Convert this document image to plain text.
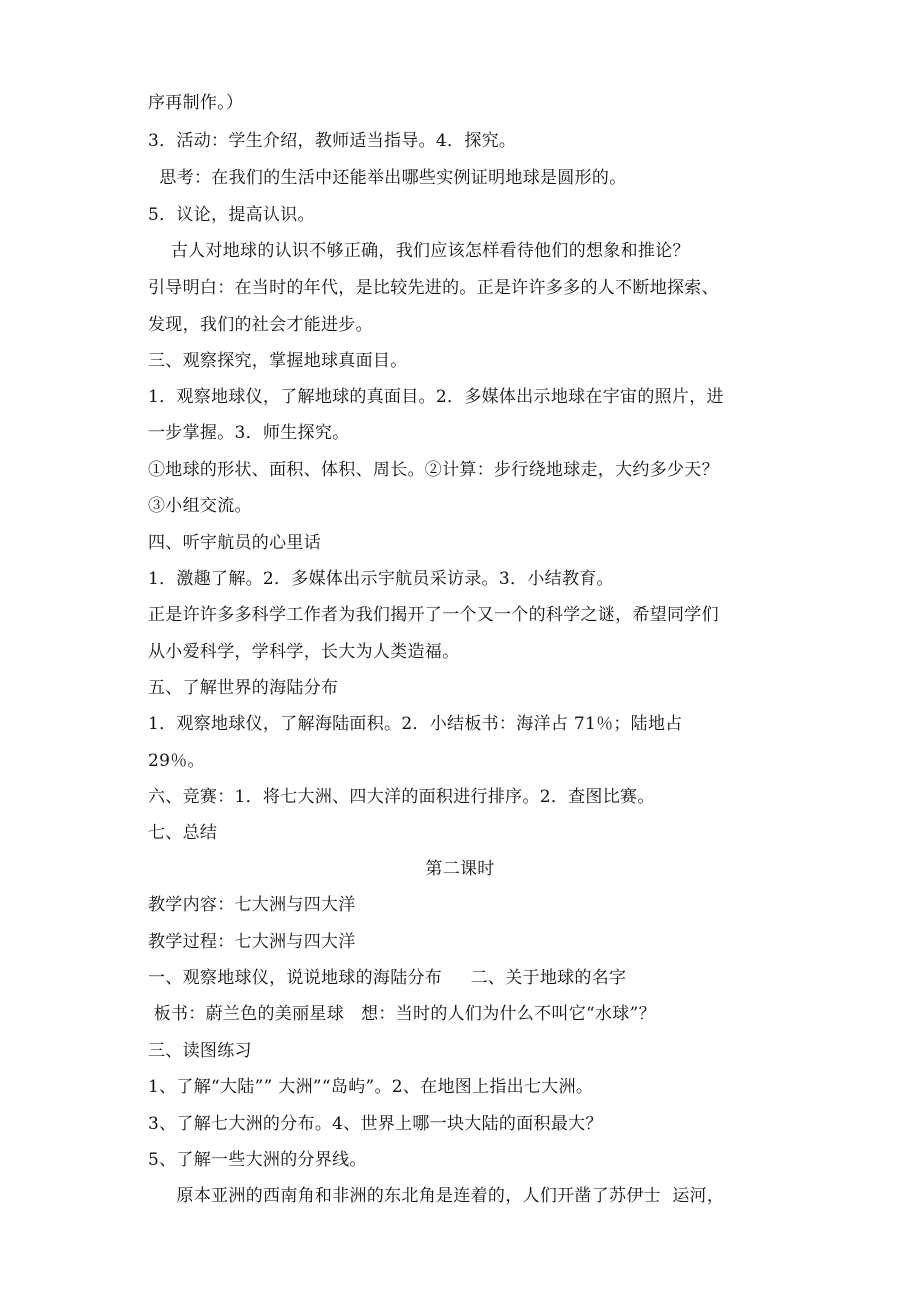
序再制作。）
3．活动：学生介绍，教师适当指导。4．探究。
思考：在我们的生活中还能举出哪些实例证明地球是圆形的。
5．议论，提高认识。
古人对地球的认识不够正确，我们应该怎样看待他们的想象和推论？
引导明白：在当时的年代，是比较先进的。正是许许多多的人不断地探索、
发现，我们的社会才能进步。
三、观察探究，掌握地球真面目。
1．观察地球仪，了解地球的真面目。2．多媒体出示地球在宇宙的照片，进
一步掌握。3．师生探究。
①地球的形状、面积、体积、周长。②计算：步行绕地球走，大约多少天？
③小组交流。
四、听宇航员的心里话
1．激趣了解。2．多媒体出示宇航员采访录。3．小结教育。
正是许许多多科学工作者为我们揭开了一个又一个的科学之谜，希望同学们
从小爱科学，学科学，长大为人类造福。
五、了解世界的海陆分布
1．观察地球仪，了解海陆面积。2．小结板书：海洋占 71％；陆地占
29％。
六、竞赛：1．将七大洲、四大洋的面积进行排序。2．查图比赛。
七、总结
第二课时
教学内容：七大洲与四大洋
教学过程：七大洲与四大洋
一、观察地球仪，说说地球的海陆分布     二、关于地球的名字
板书：蔚兰色的美丽星球   想：当时的人们为什么不叫它“水球”？
三、读图练习
1、了解“大陆”” 大洲”“岛屿”。2、在地图上指出七大洲。
3、了解七大洲的分布。4、世界上哪一块大陆的面积最大？
5、了解一些大洲的分界线。
原本亚洲的西南角和非洲的东北角是连着的，人们开凿了苏伊士  运河，
